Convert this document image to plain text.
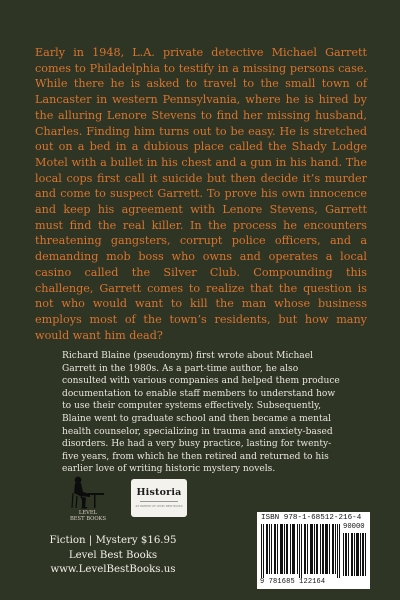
Early in 1948, L.A. private detective Michael Garrett comes to Philadelphia to testify in a missing persons case. While there he is asked to travel to the small town of Lancaster in western Pennsylvania, where he is hired by the alluring Lenore Stevens to find her missing husband, Charles. Finding him turns out to be easy. He is stretched out on a bed in a dubious place called the Shady Lodge Motel with a bullet in his chest and a gun in his hand. The local cops first call it suicide but then decide it’s murder and come to suspect Garrett. To prove his own innocence and keep his agreement with Lenore Stevens, Garrett must find the real killer. In the process he encounters threatening gangsters, corrupt police officers, and a demanding mob boss who owns and operates a local casino called the Silver Club. Compounding this challenge, Garrett comes to realize that the question is not who would want to kill the man whose business employs most of the town’s residents, but how many would want him dead?

Richard Blaine (pseudonym) first wrote about Michael Garrett in the 1980s. As a part-time author, he also consulted with various companies and helped them produce documentation to enable staff members to understand how to use their computer systems effectively. Subsequently, Blaine went to graduate school and then became a mental health counselor, specializing in trauma and anxiety-based disorders. He had a very busy practice, lasting for twenty-five years, from which he then retired and returned to his earlier love of writing historic mystery novels.

LEVEL
BEST BOOKS
Historia
AN IMPRINT OF LEVEL BEST BOOKS
ISBN 978-1-68512-216-4
90000
9 781685 122164
Fiction | Mystery $16.95
Level Best Books
www.LevelBestBooks.us
